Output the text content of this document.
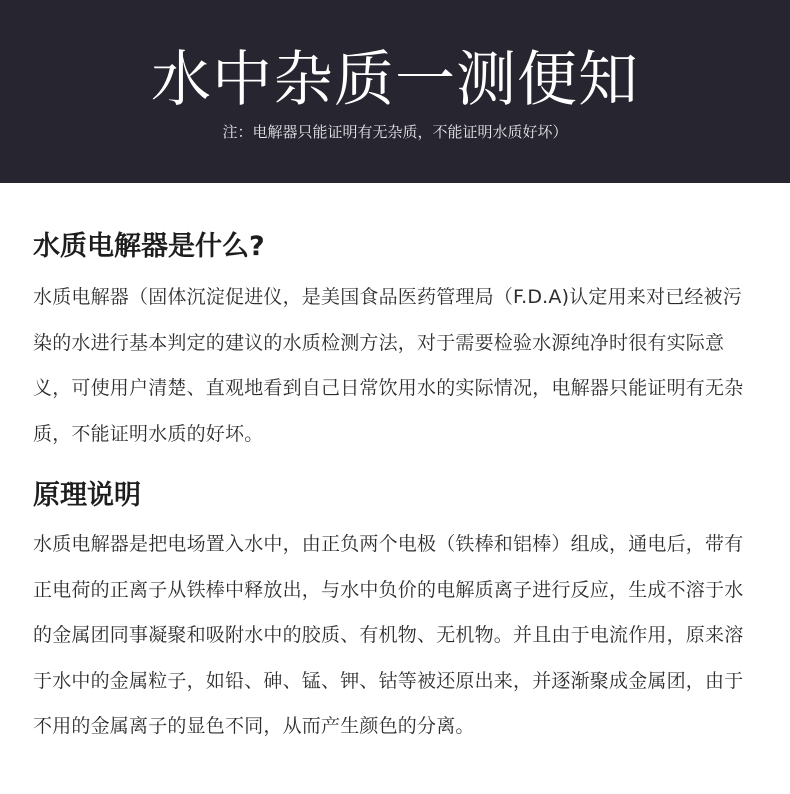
水中杂质一测便知
注：电解器只能证明有无杂质，不能证明水质好坏）
水质电解器是什么?

水质电解器（固体沉淀促进仪，是美国食品医药管理局（F.D.A)认定用来对已经被污染的水进行基本判定的建议的水质检测方法，对于需要检验水源纯净时很有实际意义，可使用户清楚、直观地看到自己日常饮用水的实际情况，电解器只能证明有无杂质，不能证明水质的好坏。

原理说明

水质电解器是把电场置入水中，由正负两个电极（铁棒和铝棒）组成，通电后，带有正电荷的正离子从铁棒中释放出，与水中负价的电解质离子进行反应，生成不溶于水的金属团同事凝聚和吸附水中的胶质、有机物、无机物。并且由于电流作用，原来溶于水中的金属粒子，如铅、砷、锰、钾、钴等被还原出来，并逐渐聚成金属团，由于不用的金属离子的显色不同，从而产生颜色的分离。
